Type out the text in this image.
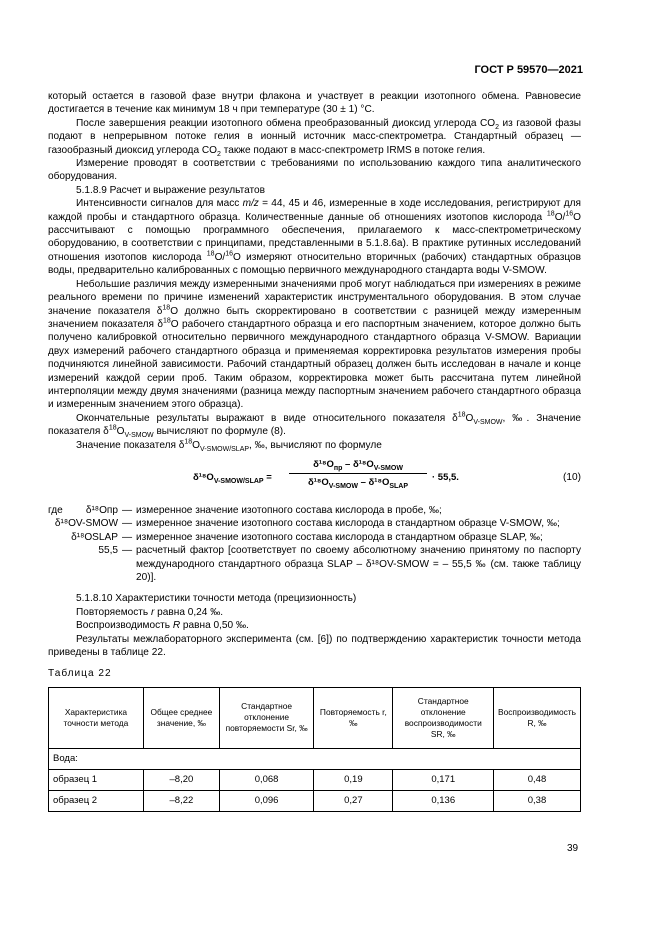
ГОСТ Р 59570—2021

который остается в газовой фазе внутри флакона и участвует в реакции изотопного обмена. Равновесие достигается в течение как минимум 18 ч при температуре (30 ± 1) °С.

После завершения реакции изотопного обмена преобразованный диоксид углерода $CO_2$ из газовой фазы подают в непрерывном потоке гелия в ионный источник масс-спектрометра. Стандартный образец — газообразный диоксид углерода $CO_2$ также подают в масс-спектрометр IRMS в потоке гелия.

Измерение проводят в соответствии с требованиями по использованию каждого типа аналитического оборудования.

5.1.8.9 Расчет и выражение результатов

Интенсивности сигналов для масс m/z = 44, 45 и 46, измеренные в ходе исследования, регистрируют для каждой пробы и стандартного образца. Количественные данные об отношениях изотопов кислорода $^{18}$О/$^{16}$О рассчитывают с помощью программного обеспечения, прилагаемого к масс-спектрометрическому оборудованию, в соответствии с принципами, представленными в 5.1.8.6а). В практике рутинных исследований отношения изотопов кислорода $^{18}$О/$^{16}$О измеряют относительно вторичных (рабочих) стандартных образцов воды, предварительно калиброванных с помощью первичного международного стандарта воды V-SMOW.

Небольшие различия между измеренными значениями проб могут наблюдаться при измерениях в режиме реального времени по причине изменений характеристик инструментального оборудования. В этом случае значение показателя $\delta^{18}О$ должно быть скорректировано в соответствии с разницей между измеренным значением показателя $\delta^{18}О$ рабочего стандартного образца и его паспортным значением, которое должно быть получено калибровкой относительно первичного международного стандартного образца V-SMOW. Вариации двух измерений рабочего стандартного образца и применяемая корректировка результатов измерения пробы подчиняются линейной зависимости. Рабочий стандартный образец должен быть исследован в начале и конце измерений каждой серии проб. Таким образом, корректировка может быть рассчитана путем линейной интерполяции между двумя значениями (разница между паспортным значением рабочего стандартного образца и измеренным значением этого образца).

Окончательные результаты выражают в виде относительного показателя $\delta^{18}О_{V-SMOW}$, ‰. Значение показателя $\delta^{18}О_{V-SMOW}$ вычисляют по формуле (8).

Значение показателя $\delta^{18}О_{V-SMOW/SLAP}$, ‰, вычисляют по формуле

$\delta^{18}O_{V-SMOW/SLAP}$ =
$\delta^{18}O_{пр} - \delta^{18}O_{V-SMOW}$
$\delta^{18}O_{V-SMOW} - \delta^{18}O_{SLAP}$
· 55,5.	(10)
где δ¹⁸Oпр — измеренное значение изотопного состава кислорода в пробе, ‰;
δ¹⁸OV-SMOW — измеренное значение изотопного состава кислорода в стандартном образце V-SMOW, ‰;
δ¹⁸OSLAP — измеренное значение изотопного состава кислорода в стандартном образце SLAP, ‰;
55,5 — расчетный фактор [соответствует по своему абсолютному значению принятому по паспорту международного стандартного образца SLAP – δ¹⁸OV-SMOW = – 55,5 ‰ (см. также таблицу 20)].

5.1.8.10 Характеристики точности метода (прецизионность)

Повторяемость r равна 0,24 ‰.

Воспроизводимость R равна 0,50 ‰.

Результаты межлабораторного эксперимента (см. [6]) по подтверждению характеристик точности метода приведены в таблице 22.

Таблица 22
Характеристика точности метода	Общее среднее значение, ‰	Стандартное отклонение повторяемости Sr, ‰	Повторяемость r, ‰	Стандартное отклонение воспроизводимости SR, ‰	Воспроизводимость R, ‰
Вода:					
образец 1	–8,20	0,068	0,19	0,171	0,48
образец 2	–8,22	0,096	0,27	0,136	0,38
39
